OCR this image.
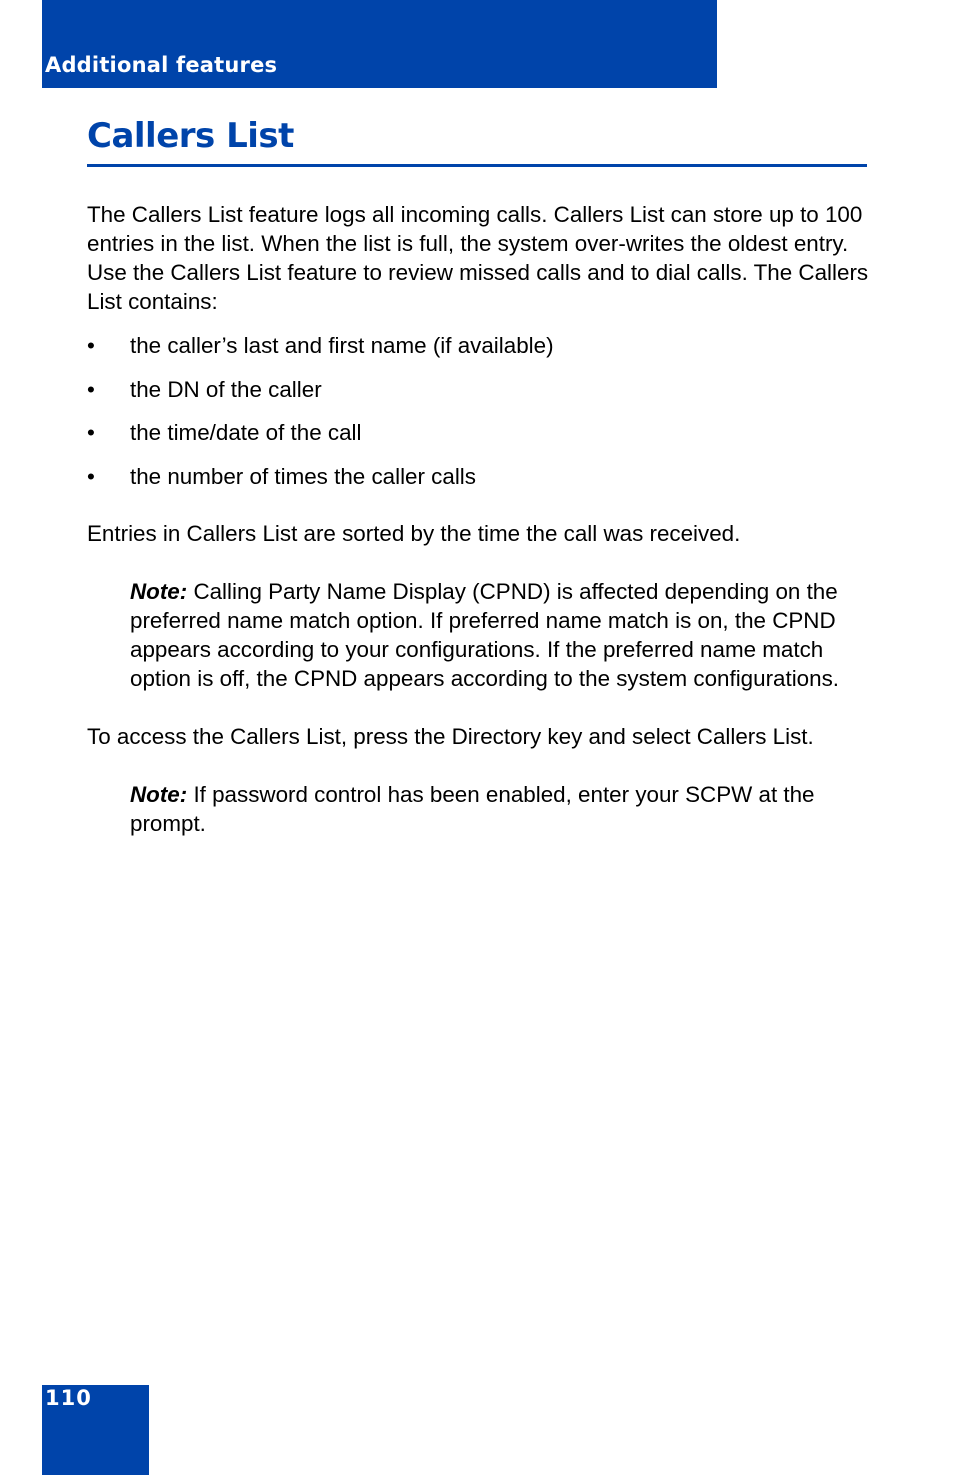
Additional features
Callers List

The Callers List feature logs all incoming calls. Callers List can store up to 100 entries in the list. When the list is full, the system over-writes the oldest entry. Use the Callers List feature to review missed calls and to dial calls. The Callers List contains:

• the caller’s last and first name (if available)
• the DN of the caller
• the time/date of the call
• the number of times the caller calls

Entries in Callers List are sorted by the time the call was received.

Note: Calling Party Name Display (CPND) is affected depending on the preferred name match option. If preferred name match is on, the CPND appears according to your configurations. If the preferred name match option is off, the CPND appears according to the system configurations.

To access the Callers List, press the Directory key and select Callers List.

Note: If password control has been enabled, enter your SCPW at the prompt.

110
